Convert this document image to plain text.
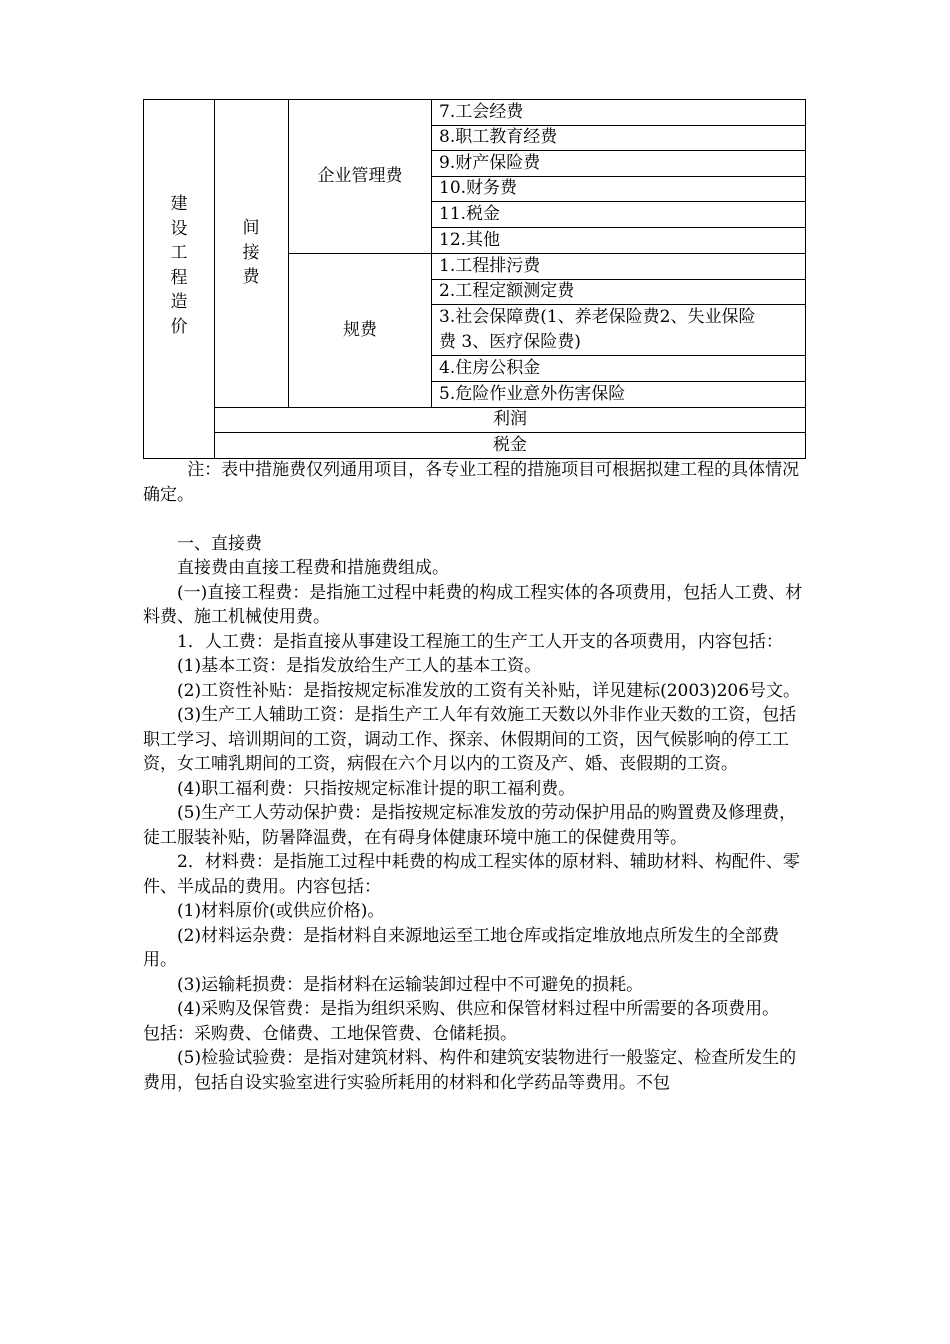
建
设
工
程
造
价
间
接
费
企业管理费
规费
7.工会经费
8.职工教育经费
9.财产保险费
10.财务费
11.税金
12.其他
1.工程排污费
2.工程定额测定费
3.社会保障费(1、养老保险费2、失业保险
费 3、医疗保险费)
4.住房公积金
5.危险作业意外伤害保险
利润
税金

注：表中措施费仅列通用项目，各专业工程的措施项目可根据拟建工程的具体情况确定。

一、直接费

直接费由直接工程费和措施费组成。

(一)直接工程费：是指施工过程中耗费的构成工程实体的各项费用，包括人工费、材料费、施工机械使用费。

1．人工费：是指直接从事建设工程施工的生产工人开支的各项费用，内容包括：

(1)基本工资：是指发放给生产工人的基本工资。

(2)工资性补贴：是指按规定标准发放的工资有关补贴，详见建标(2003)206号文。

(3)生产工人辅助工资：是指生产工人年有效施工天数以外非作业天数的工资，包括职工学习、培训期间的工资，调动工作、探亲、休假期间的工资，因气候影响的停工工资，女工哺乳期间的工资，病假在六个月以内的工资及产、婚、丧假期的工资。

(4)职工福利费：只指按规定标准计提的职工福利费。

(5)生产工人劳动保护费：是指按规定标准发放的劳动保护用品的购置费及修理费，徒工服装补贴，防暑降温费，在有碍身体健康环境中施工的保健费用等。

2．材料费：是指施工过程中耗费的构成工程实体的原材料、辅助材料、构配件、零件、半成品的费用。内容包括：

(1)材料原价(或供应价格)。

(2)材料运杂费：是指材料自来源地运至工地仓库或指定堆放地点所发生的全部费用。

(3)运输耗损费：是指材料在运输装卸过程中不可避免的损耗。

(4)采购及保管费：是指为组织采购、供应和保管材料过程中所需要的各项费用。

包括：采购费、仓储费、工地保管费、仓储耗损。

(5)检验试验费：是指对建筑材料、构件和建筑安装物进行一般鉴定、检查所发生的费用，包括自设实验室进行实验所耗用的材料和化学药品等费用。不包
